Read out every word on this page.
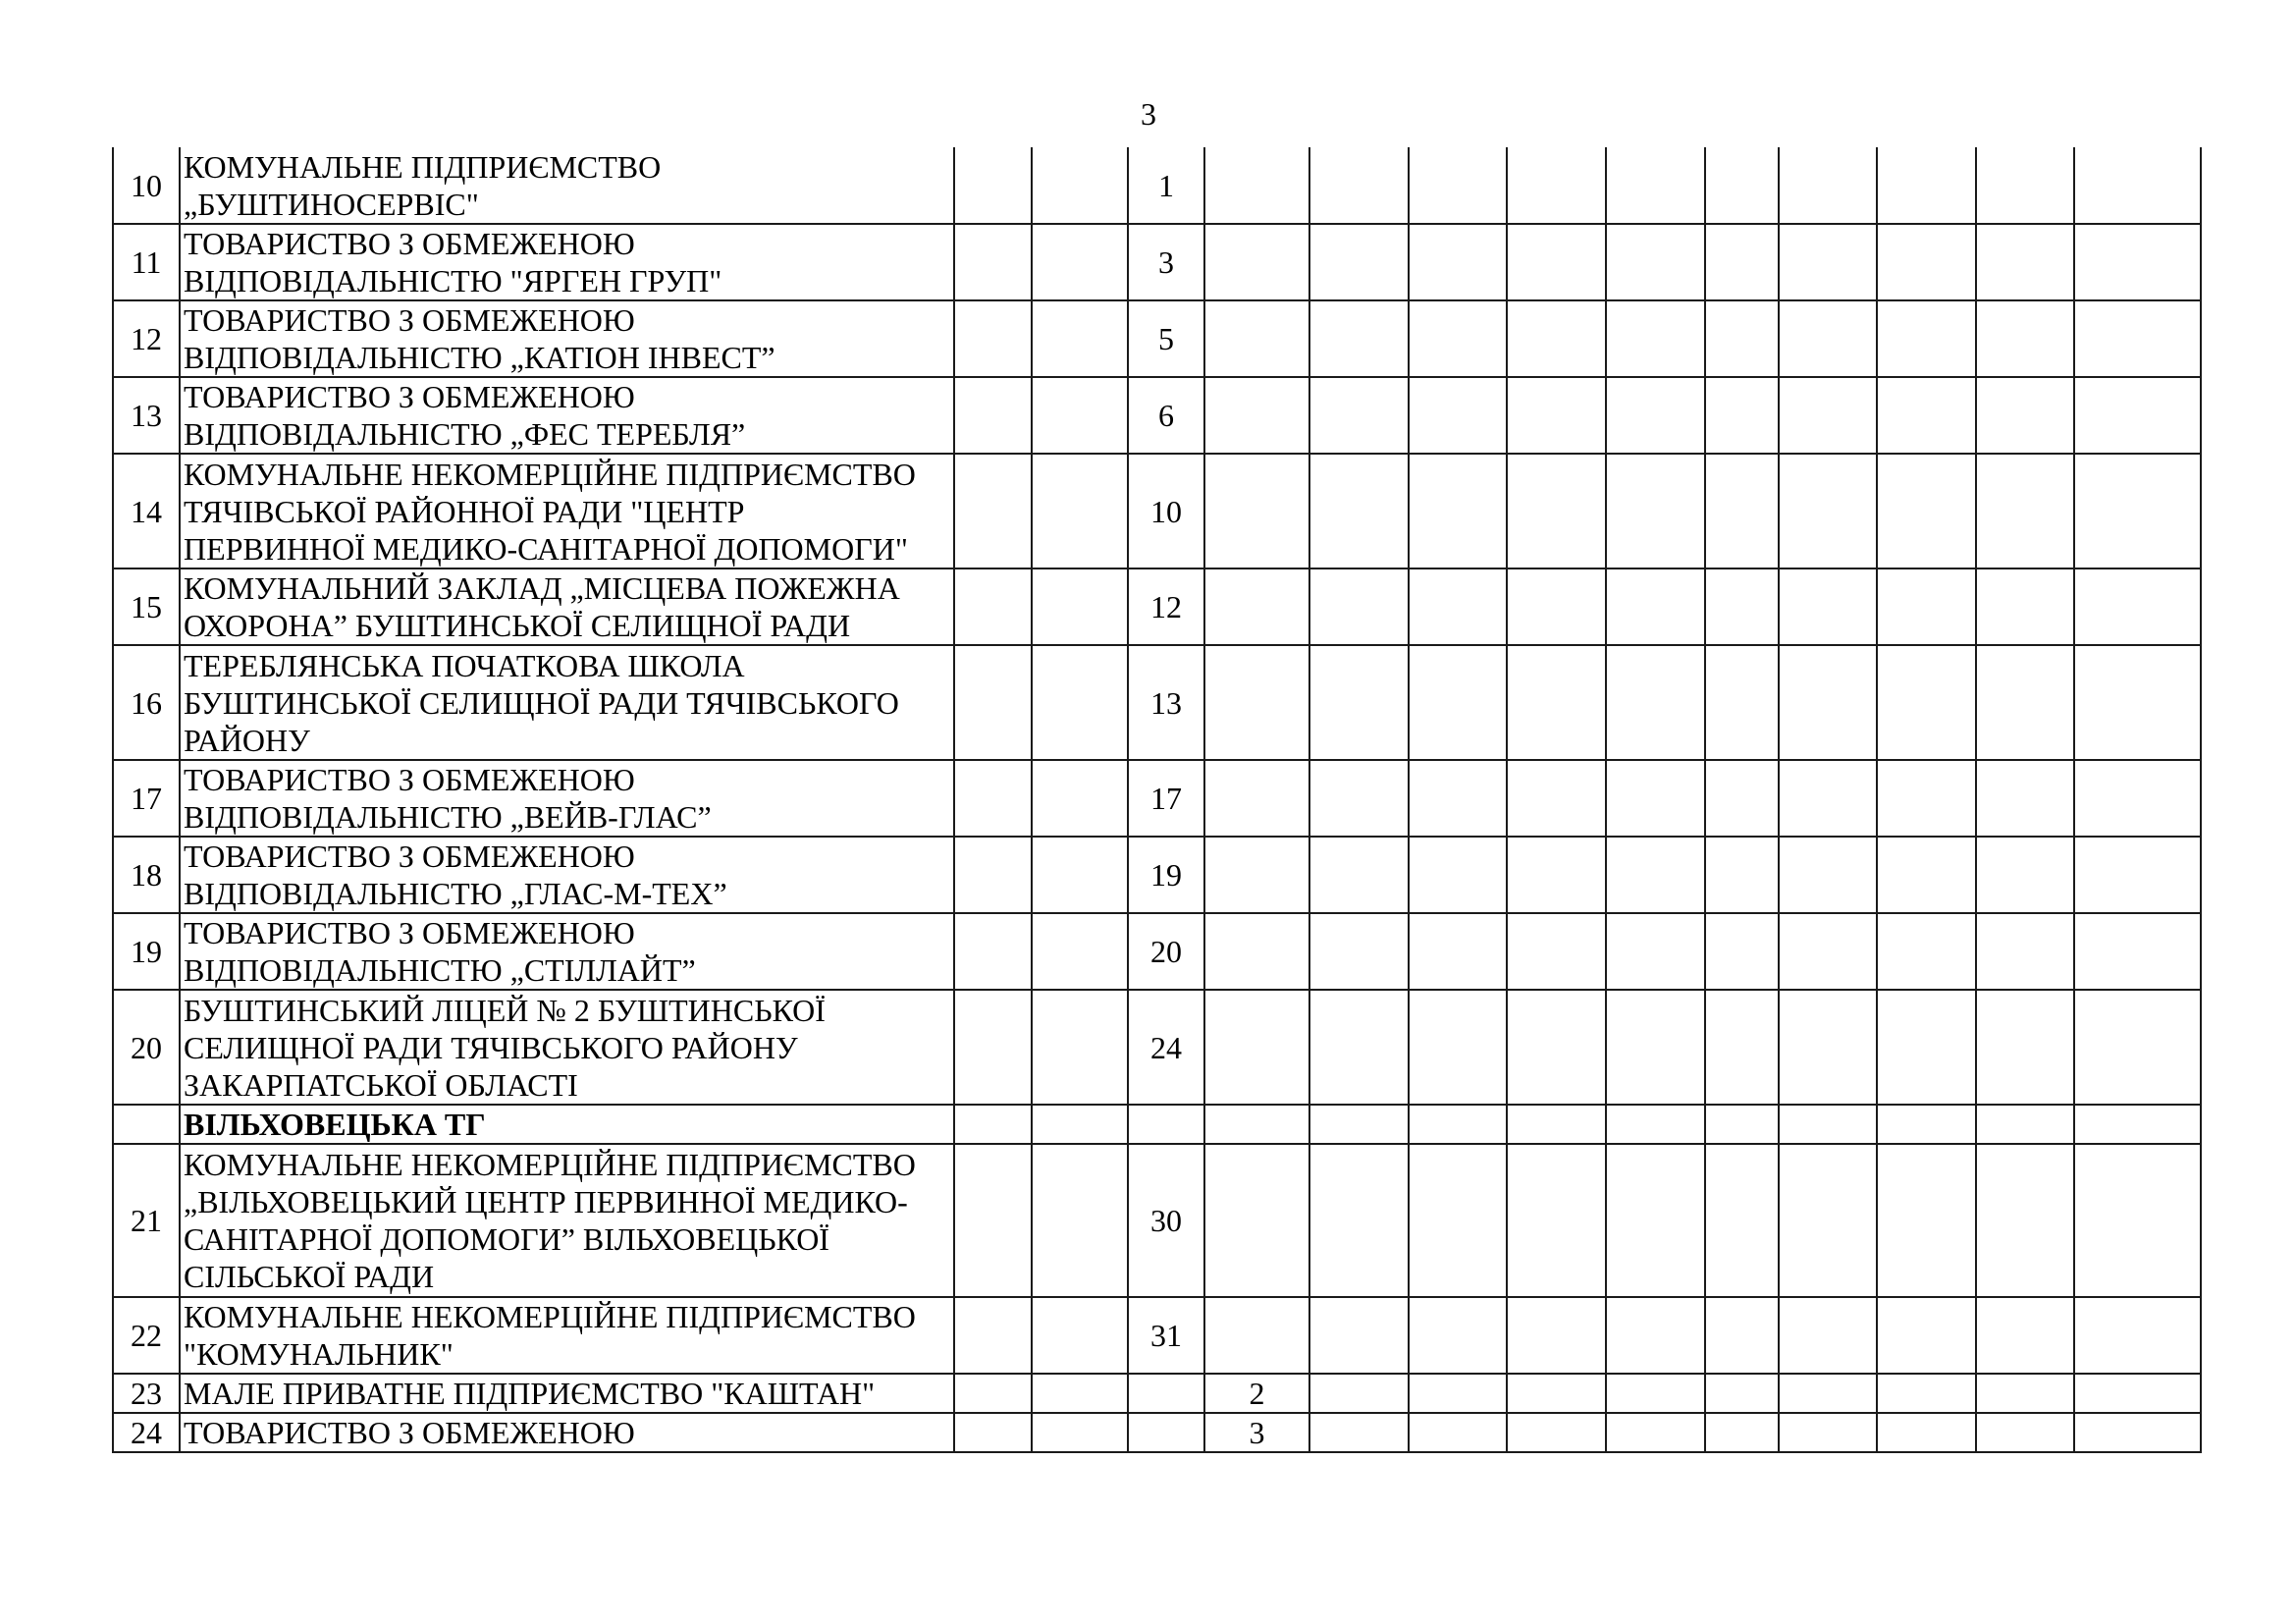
3
10	КОМУНАЛЬНЕ ПІДПРИЄМСТВО
„БУШТИНОСЕРВІС"			1										
11	ТОВАРИСТВО З ОБМЕЖЕНОЮ
ВІДПОВІДАЛЬНІСТЮ "ЯРГЕН ГРУП"			3										
12	ТОВАРИСТВО З ОБМЕЖЕНОЮ
ВІДПОВІДАЛЬНІСТЮ „КАТІОН ІНВЕСТ”			5										
13	ТОВАРИСТВО З ОБМЕЖЕНОЮ
ВІДПОВІДАЛЬНІСТЮ „ФЕС ТЕРЕБЛЯ”			6										
14	КОМУНАЛЬНЕ НЕКОМЕРЦІЙНЕ ПІДПРИЄМСТВО
ТЯЧІВСЬКОЇ РАЙОННОЇ РАДИ "ЦЕНТР
ПЕРВИННОЇ МЕДИКО-САНІТАРНОЇ ДОПОМОГИ"			10										
15	КОМУНАЛЬНИЙ ЗАКЛАД „МІСЦЕВА ПОЖЕЖНА
ОХОРОНА” БУШТИНСЬКОЇ СЕЛИЩНОЇ РАДИ			12										
16	ТЕРЕБЛЯНСЬКА ПОЧАТКОВА ШКОЛА
БУШТИНСЬКОЇ СЕЛИЩНОЇ РАДИ ТЯЧІВСЬКОГО
РАЙОНУ			13										
17	ТОВАРИСТВО З ОБМЕЖЕНОЮ
ВІДПОВІДАЛЬНІСТЮ „ВЕЙВ-ГЛАС”			17										
18	ТОВАРИСТВО З ОБМЕЖЕНОЮ
ВІДПОВІДАЛЬНІСТЮ „ГЛАС-М-ТЕХ”			19										
19	ТОВАРИСТВО З ОБМЕЖЕНОЮ
ВІДПОВІДАЛЬНІСТЮ „СТІЛЛАЙТ”			20										
20	БУШТИНСЬКИЙ ЛІЦЕЙ № 2 БУШТИНСЬКОЇ
СЕЛИЩНОЇ РАДИ ТЯЧІВСЬКОГО РАЙОНУ
ЗАКАРПАТСЬКОЇ ОБЛАСТІ			24										

	ВІЛЬХОВЕЦЬКА ТГ													

21	КОМУНАЛЬНЕ НЕКОМЕРЦІЙНЕ ПІДПРИЄМСТВО
„ВІЛЬХОВЕЦЬКИЙ ЦЕНТР ПЕРВИННОЇ МЕДИКО-
САНІТАРНОЇ ДОПОМОГИ” ВІЛЬХОВЕЦЬКОЇ
СІЛЬСЬКОЇ РАДИ			30										
22	КОМУНАЛЬНЕ НЕКОМЕРЦІЙНЕ ПІДПРИЄМСТВО
"КОМУНАЛЬНИК"			31										
23	МАЛЕ ПРИВАТНЕ ПІДПРИЄМСТВО "КАШТАН"				2									
24	ТОВАРИСТВО З ОБМЕЖЕНОЮ				3									
